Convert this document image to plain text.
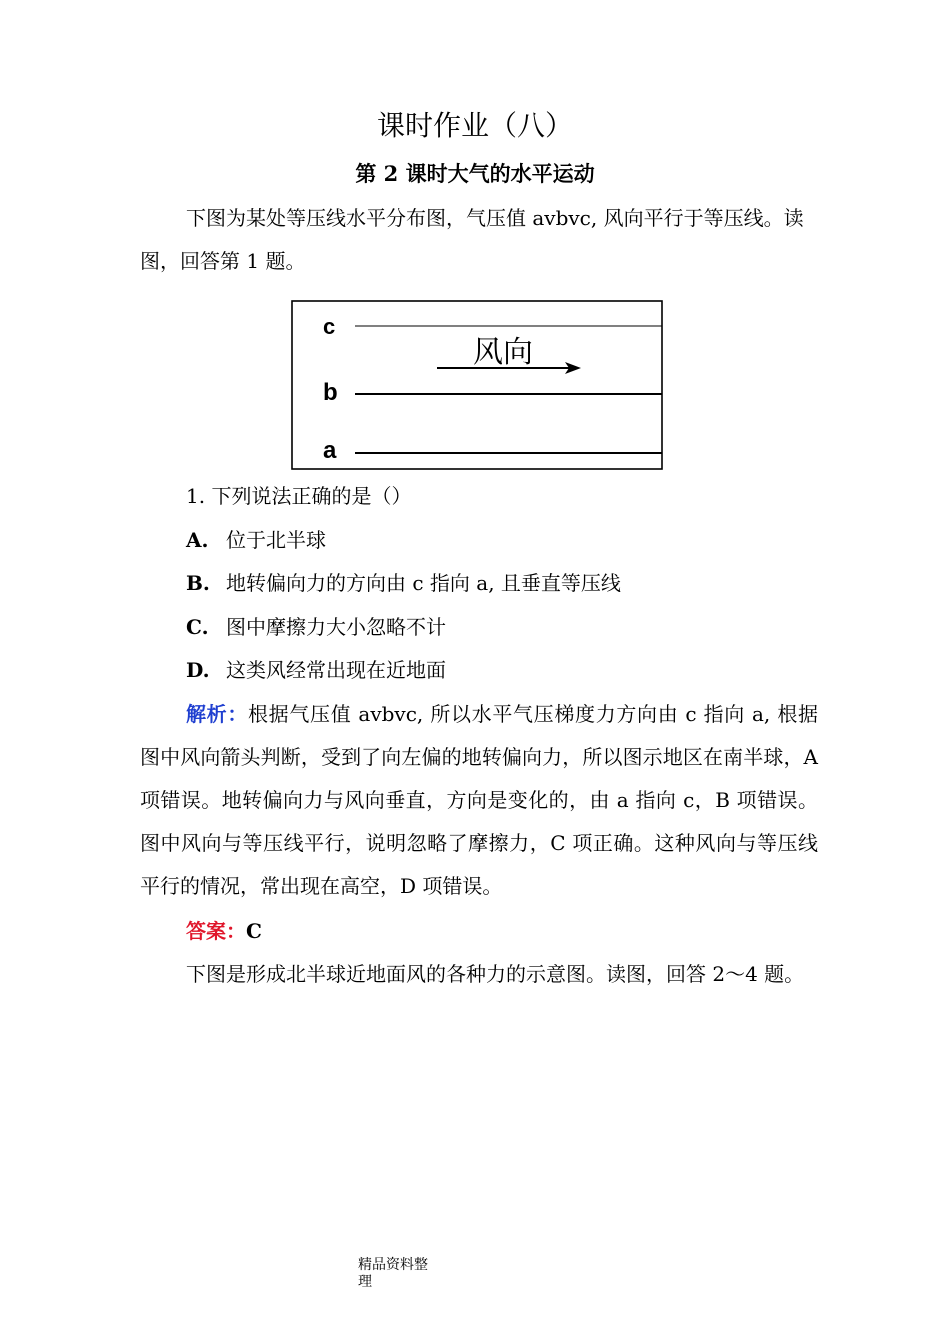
课时作业（八）
第 2 课时大气的水平运动
下图为某处等压线水平分布图，气压值 avbvc, 风向平行于等压线。读
图，回答第 1 题。
c
风向
b
a
1. 下列说法正确的是（）
A. 位于北半球
B. 地转偏向力的方向由 c 指向 a, 且垂直等压线
C. 图中摩擦力大小忽略不计
D. 这类风经常出现在近地面
解析：根据气压值 avbvc, 所以水平气压梯度力方向由 c 指向 a, 根据图中风向箭头判断，受到了向左偏的地转偏向力，所以图示地区在南半球，A 项错误。地转偏向力与风向垂直，方向是变化的，由 a 指向 c，B 项错误。图中风向与等压线平行，说明忽略了摩擦力，C 项正确。这种风向与等压线平行的情况，常出现在高空，D 项错误。
答案：C
下图是形成北半球近地面风的各种力的示意图。读图，回答 2〜4 题。
精品资料整理
